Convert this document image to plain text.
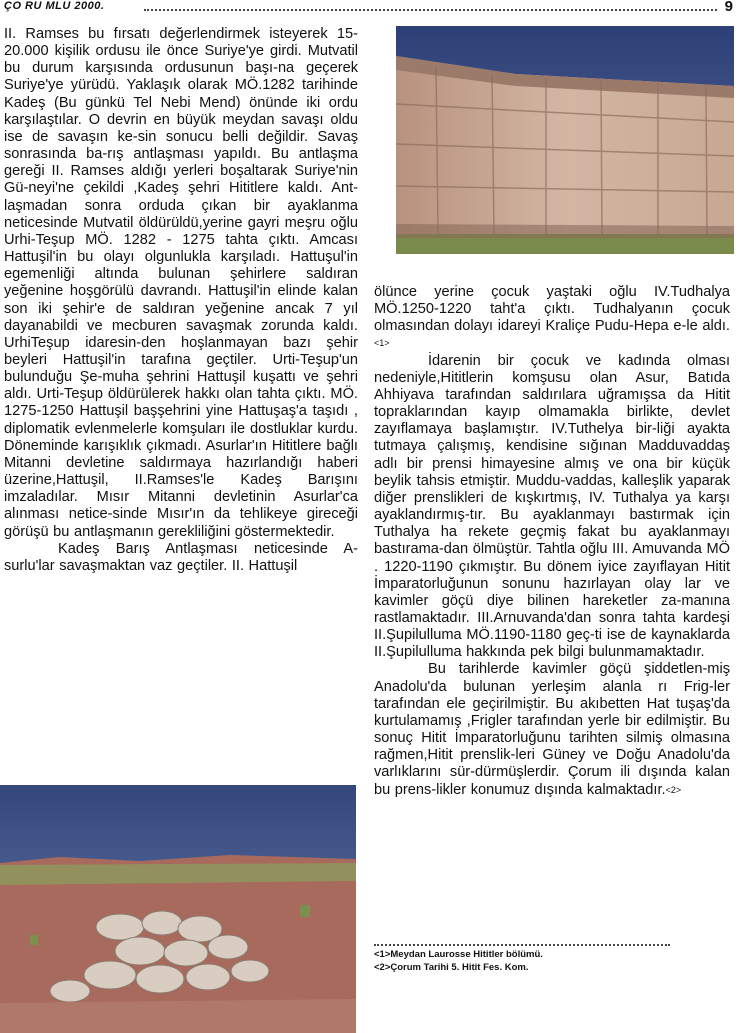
ÇO RU MLU 2000.	9

II. Ramses bu fırsatı değerlendirmek isteyerek 15-20.000 kişilik ordusu ile önce Suriye'ye girdi. Mutvatil bu durum karşısında ordusunun başı-na geçerek Suriye'ye yürüdü. Yaklaşık olarak MÖ.1282 tarihinde Kadeş (Bu günkü Tel Nebi Mend) önünde iki ordu karşılaştılar. O devrin en büyük meydan savaşı oldu ise de savaşın ke-sin sonucu belli değildir. Savaş sonrasında ba-rış antlaşması yapıldı. Bu antlaşma gereği II. Ramses aldığı yerleri boşaltarak Suriye'nin Gü-neyi'ne çekildi ,Kadeş şehri Hititlere kaldı. Ant-laşmadan sonra orduda çıkan bir ayaklanma neticesinde Mutvatil öldürüldü,yerine gayri meşru oğlu Urhi-Teşup MÖ. 1282 - 1275 tahta çıktı. Amcası Hattuşil'in bu olayı olgunlukla karşıladı. Hattuşul'in egemenliği altında bulunan şehirlere saldıran yeğenine hoşgörülü davrandı. Hattuşil'in elinde kalan son iki şehir'e de saldıran yeğenine ancak 7 yıl dayanabildi ve mecburen savaşmak zorunda kaldı. UrhiTeşup idaresin-den hoşlanmayan bazı şehir beyleri Hattuşil'in tarafına geçtiler. Urti-Teşup'un bulunduğu Şe-muha şehrini Hattuşil kuşattı ve şehri aldı. Urti-Teşup öldürülerek hakkı olan tahta çıktı. MÖ. 1275-1250 Hattuşil başşehrini yine Hattuşaş'a taşıdı , diplomatik evlenmelerle komşuları ile dostluklar kurdu. Döneminde karışıklık çıkmadı. Asurlar'ın Hititlere bağlı Mitanni devletine saldırmaya hazırlandığı haberi üzerine,Hattuşil, II.Ramses'le Kadeş Barışını imzaladılar. Mısır Mitanni devletinin Asurlar'ca alınması netice-sinde Mısır'ın da tehlikeye gireceği görüşü bu antlaşmanın gerekliliğini göstermektedir.

Kadeş Barış Antlaşması neticesinde A-surlu'lar savaşmaktan vaz geçtiler. II. Hattuşil

ölünce yerine çocuk yaştaki oğlu IV.Tudhalya MÖ.1250-1220 taht'a çıktı. Tudhalyanın çocuk olmasından dolayı idareyi Kraliçe Pudu-Hepa e-le aldı.<1>

İdarenin bir çocuk ve kadında olması nedeniyle,Hititlerin komşusu olan Asur, Batıda Ahhiyava tarafından saldırılara uğramışsa da Hitit topraklarından kayıp olmamakla birlikte, devlet zayıflamaya başlamıştır. IV.Tuthelya bir-liği ayakta tutmaya çalışmış, kendisine sığınan Madduvaddaş adlı bir prensi himayesine almış ve ona bir küçük beylik tahsis etmiştir. Muddu-vaddas, kalleşlik yaparak diğer prenslikleri de kışkırtmış, IV. Tuthalya ya karşı ayaklandırmış-tır. Bu ayaklanmayı bastırmak için Tuthalya ha rekete geçmiş fakat bu ayaklanmayı bastırama-dan ölmüştür. Tahtla oğlu III. Amuvanda MÖ . 1220-1190 çıkmıştır. Bu dönem iyice zayıflayan Hitit İmparatorluğunun sonunu hazırlayan olay lar ve kavimler göçü diye bilinen hareketler za-manına rastlamaktadır. III.Arnuvanda'dan sonra tahta kardeşi II.Şupilulluma MÖ.1190-1180 geç-ti ise de kaynaklarda II.Şupilulluma hakkında pek bilgi bulunmamaktadır.

Bu tarihlerde kavimler göçü şiddetlen-miş Anadolu'da bulunan yerleşim alanla rı Frig-ler tarafından ele geçirilmiştir. Bu akıbetten Hat tuşaş'da kurtulamamış ,Frigler tarafından yerle bir edilmiştir. Bu sonuç Hitit İmparatorluğunu tarihten silmiş olmasına rağmen,Hitit prenslik-leri Güney ve Doğu Anadolu'da varlıklarını sür-dürmüşlerdir. Çorum ili dışında kalan bu prens-likler konumuz dışında kalmaktadır.<2>

<1>Meydan Laurosse Hititler bölümü.
<2>Çorum Tarihi 5. Hitit Fes. Kom.
